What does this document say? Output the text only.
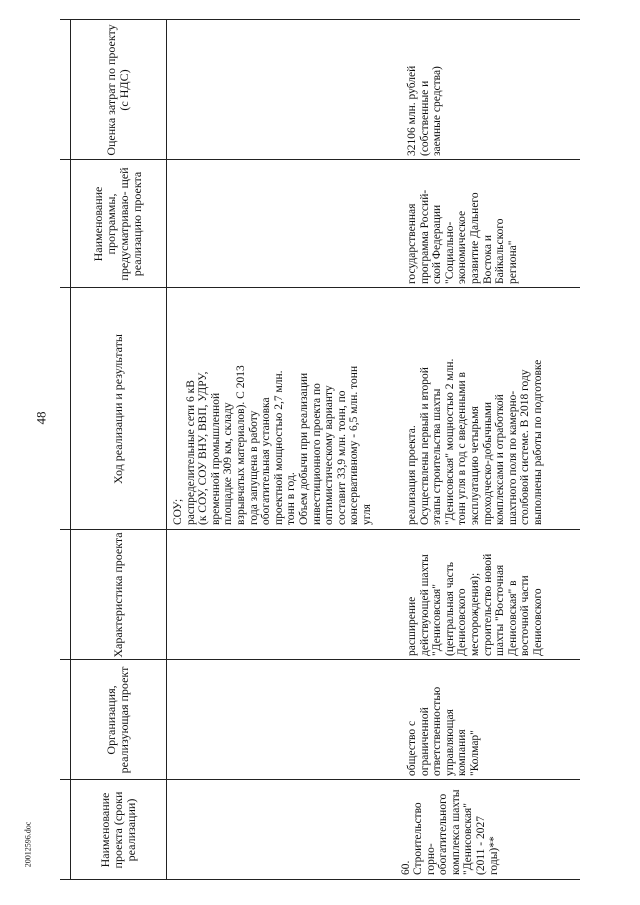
48
20012596.doc	Наименование проекта (сроки реализации)
Организация, реализующая проект
Характеристика проекта
Ход реализации и результаты
Наименование программы, предусматриваю- щей реализацию проекта
Оценка затрат по проекту (с НДС)
СОУ;
распределительные сети 6 кВ
(к СОУ, СОУ ВНУ, ВВП, УДРУ,
временной промышленной
площадке 309 км, складу
взрывчатых материалов). С 2013
года запущена в работу
обогатительная установка
проектной мощностью 2,7 млн.
тонн в год.
Объем добычи при реализации
инвестиционного проекта по
оптимистическому варианту
составит 33,9 млн. тонн, по
консервативному - 6,5 млн. тонн
угля
60. Строительство
горно-
обогатительного
комплекса шахты
"Денисовская"
(2011 - 2027 годы)**
общество с
ограниченной
ответственностью
управляющая
компания
"Колмар"
расширение
действующей шахты
"Денисовская"
(центральная часть
Денисовского
месторождения);
строительство новой
шахты "Восточная
Денисовская" в
восточной части
Денисовского
реализация проекта.
Осуществлены первый и второй
этапы строительства шахты
"Денисовская" мощностью 2 млн.
тонн угля в год с введенными в
эксплуатацию четырьмя
проходческо-добычными
комплексами и отработкой
шахтного поля по камерно-
столбовой системе. В 2018 году
выполнены работы по подготовке
государственная
программа Россий-
ской Федерации
"Социально-
экономическое
развитие Дальнего
Востока и
Байкальского
региона"
32106 млн. рублей
(собственные и
заемные средства)
